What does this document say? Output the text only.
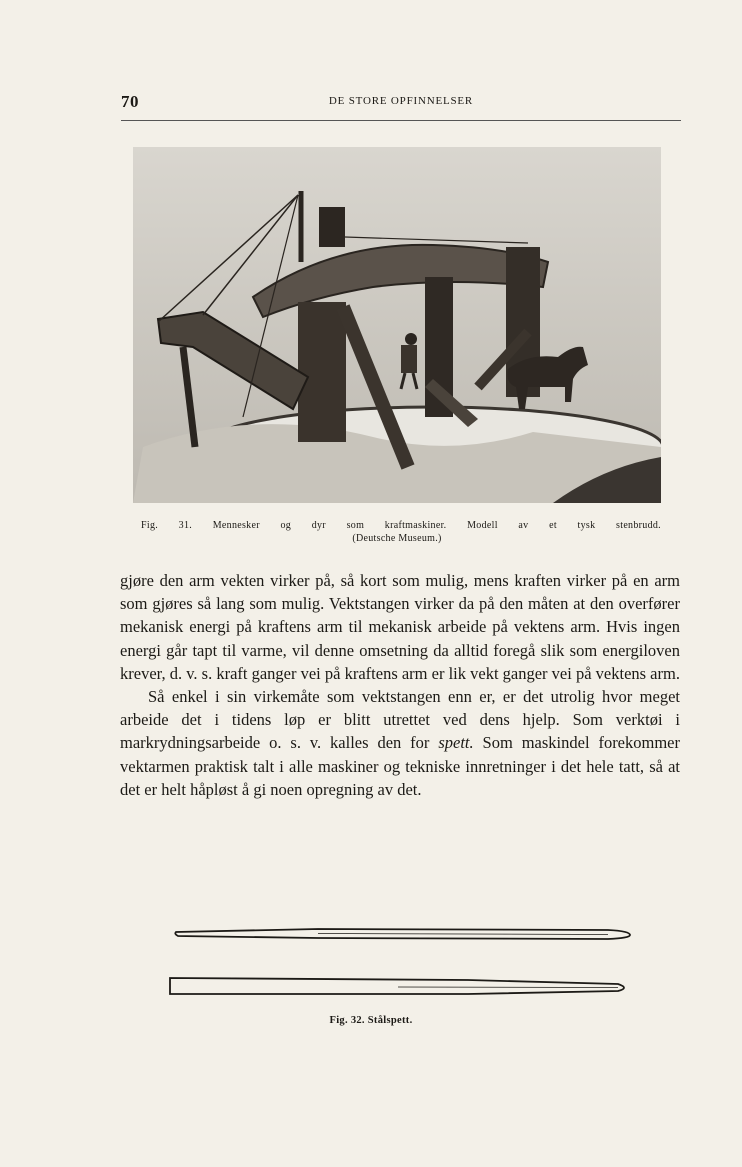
70	DE STORE OPFINNELSER
Fig. 31. Mennesker og dyr som kraftmaskiner. Modell av et tysk stenbrudd.
(Deutsche Museum.)

gjøre den arm vekten virker på, så kort som mulig, mens kraften virker på en arm som gjøres så lang som mulig. Vektstangen virker da på den måten at den overfører mekanisk energi på kraftens arm til mekanisk arbeide på vektens arm. Hvis ingen energi går tapt til varme, vil denne omsetning da alltid foregå slik som energiloven krever, d. v. s. kraft ganger vei på kraftens arm er lik vekt ganger vei på vektens arm.

Så enkel i sin virkemåte som vektstangen enn er, er det utrolig hvor meget arbeide det i tidens løp er blitt utrettet ved dens hjelp. Som verktøi i markrydningsarbeide o. s. v. kalles den for spett. Som maskindel forekommer vektarmen praktisk talt i alle maskiner og tekniske innretninger i det hele tatt, så at det er helt håpløst å gi noen opregning av det.

Fig. 32. Stålspett.
